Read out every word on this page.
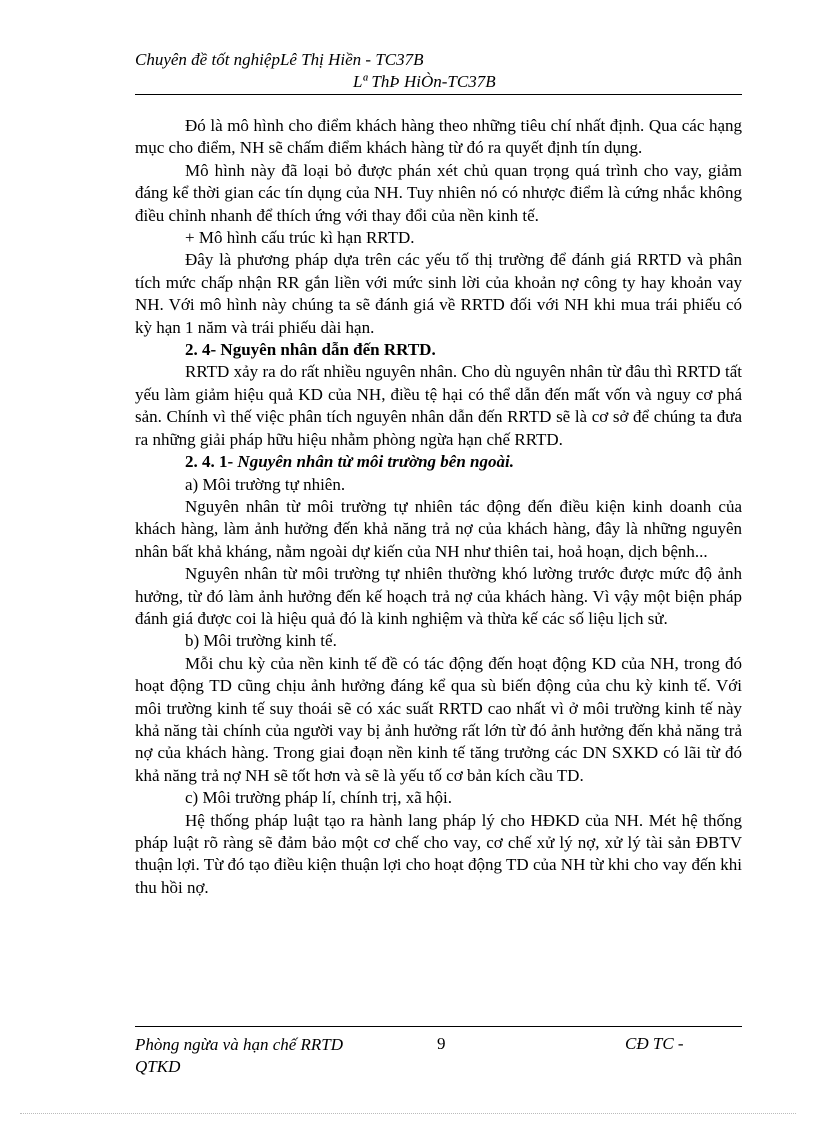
Chuyên đề tốt nghiệpLê Thị Hiền - TC37B
Lª ThÞ HiÒn-TC37B

Đó là mô hình cho điểm khách hàng theo những tiêu chí nhất định. Qua các hạng mục cho điểm, NH sẽ chấm điểm khách hàng từ đó ra quyết định tín dụng.

Mô hình này đã loại bỏ được phán xét chủ quan trọng quá trình cho vay, giảm đáng kể thời gian các tín dụng của NH. Tuy nhiên nó có nhược điểm là cứng nhắc không điều chỉnh nhanh để thích ứng với thay đổi của nền kinh tế.

+ Mô hình cấu trúc kì hạn RRTD.

Đây là phương pháp dựa trên các yếu tố thị trường để đánh giá RRTD và phân tích mức chấp nhận RR gắn liền với mức sinh lời của khoản nợ công ty hay khoản vay NH. Với mô hình này chúng ta sẽ đánh giá về RRTD đối với NH khi mua trái phiếu có kỳ hạn 1 năm và trái phiếu dài hạn.

2. 4- Nguyên nhân dẫn đến RRTD.

RRTD xảy ra do rất nhiều nguyên nhân. Cho dù nguyên nhân từ đâu thì RRTD tất yếu làm giảm hiệu quả KD của NH, điều tệ hại có thể dẫn đến mất vốn và nguy cơ phá sản. Chính vì thế việc phân tích nguyên nhân dẫn đến RRTD sẽ là cơ sở để chúng ta đưa ra những giải pháp hữu hiệu nhằm phòng ngừa hạn chế RRTD.

2. 4. 1- Nguyên nhân từ môi trường bên ngoài.

a) Môi trường tự nhiên.

Nguyên nhân từ môi trường tự nhiên tác động đến điều kiện kinh doanh của khách hàng, làm ảnh hưởng đến khả năng trả nợ của khách hàng, đây là những nguyên nhân bất khả kháng, nằm ngoài dự kiến của NH như thiên tai, hoả hoạn, dịch bệnh...

Nguyên nhân từ môi trường tự nhiên thường khó lường trước được mức độ ảnh hưởng, từ đó làm ảnh hưởng đến kế hoạch trả nợ của khách hàng. Vì vậy một biện pháp đánh giá được coi là hiệu quả đó là kinh nghiệm và thừa kế các số liệu lịch sử.

b) Môi trường kinh tế.

Mỗi chu kỳ của nền kinh tế đề có tác động đến hoạt động KD của NH, trong đó hoạt động TD cũng chịu ảnh hưởng đáng kể qua sù biến động của chu kỳ kinh tế. Với môi trường kinh tế suy thoái sẽ có xác suất RRTD cao nhất vì ở môi trường kinh tế này khả năng tài chính của người vay bị ảnh hưởng rất lớn từ đó ảnh hưởng đến khả năng trả nợ của khách hàng. Trong giai đoạn nền kinh tế tăng trưởng các DN SXKD có lãi từ đó khả năng trả nợ NH sẽ tốt hơn và sẽ là yếu tố cơ bản kích cầu TD.

c) Môi trường pháp lí, chính trị, xã hội.

Hệ thống pháp luật tạo ra hành lang pháp lý cho HĐKD của NH. Mét hệ thống pháp luật rõ ràng sẽ đảm bảo một cơ chế cho vay, cơ chế xử lý nợ, xử lý tài sản ĐBTV thuận lợi. Từ đó tạo điều kiện thuận lợi cho hoạt động TD của NH từ khi cho vay đến khi thu hồi nợ.

Phòng ngừa và hạn chế RRTD QTKD
9	CĐ TC -
